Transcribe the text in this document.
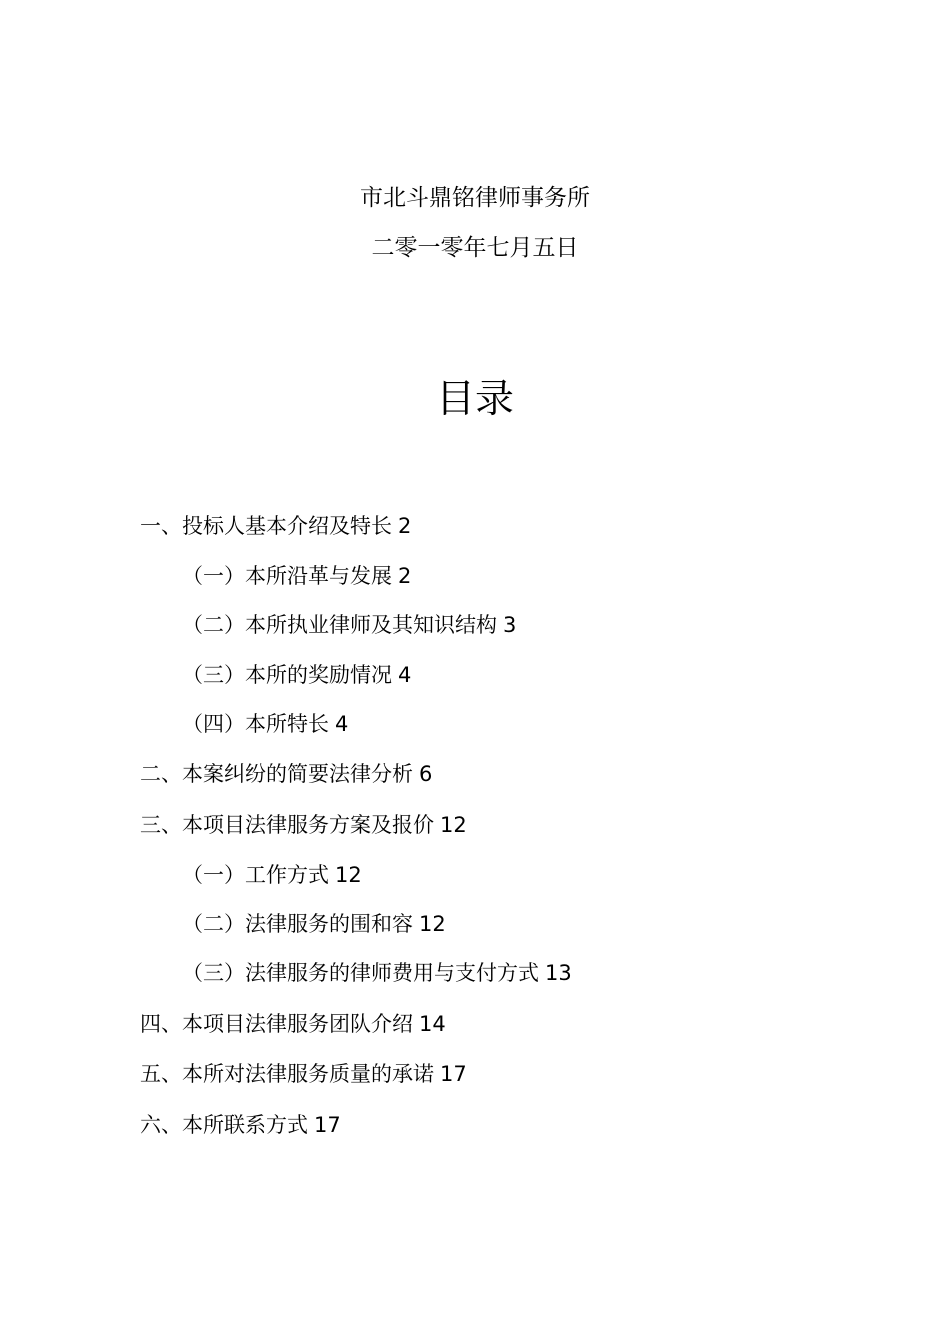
市北斗鼎铭律师事务所
二零一零年七月五日
目录
一、投标人基本介绍及特长 2
（一）本所沿革与发展 2
（二）本所执业律师及其知识结构 3
（三）本所的奖励情况 4
（四）本所特长 4
二、本案纠纷的简要法律分析 6
三、本项目法律服务方案及报价 12
（一）工作方式 12
（二）法律服务的围和容 12
（三）法律服务的律师费用与支付方式 13
四、本项目法律服务团队介绍 14
五、本所对法律服务质量的承诺 17
六、本所联系方式 17
